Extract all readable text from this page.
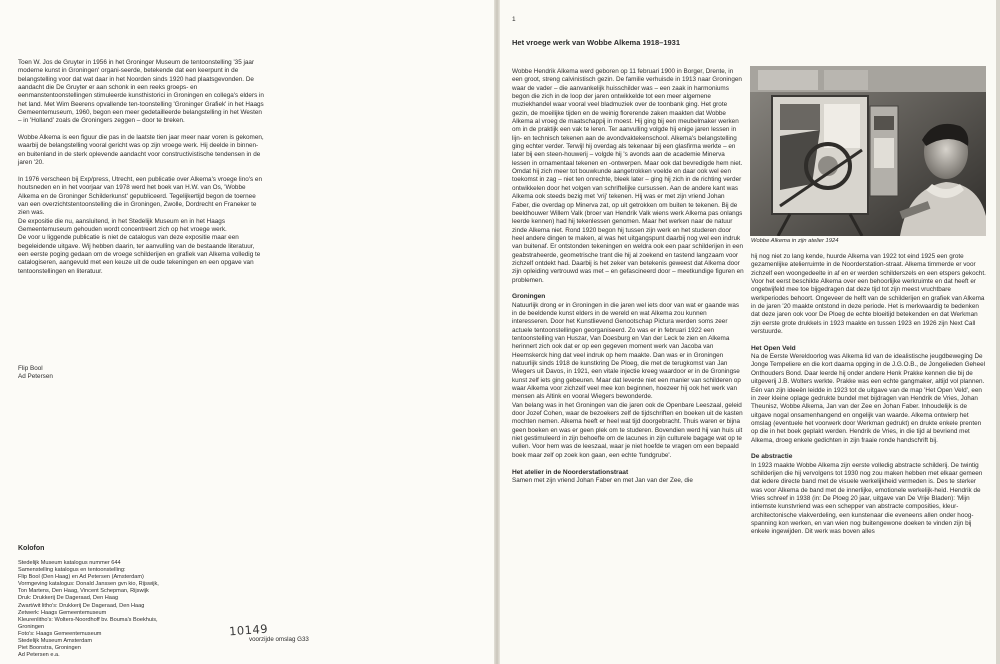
Toen W. Jos de Gruyter in 1956 in het Groninger Museum de tentoonstelling '35 jaar moderne kunst in Groningen' organi-seerde, betekende dat een keerpunt in de belangstelling voor dat wat daar in het Noorden sinds 1920 had plaatsgevonden. De aandacht die De Gruyter er aan schonk in een reeks groeps- en eenmanstentoonstellingen stimuleerde kunsthistorici in Groningen en collega's elders in het land. Met Wim Beerens opvallende ten-toonstelling 'Groninger Grafiek' in het Haags Gemeentemuseum, 1960, begon een meer gedetailleerde belangstelling in het Westen – in 'Holland' zoals de Groningers zeggen – door te breken.

Wobbe Alkema is een figuur die pas in de laatste tien jaar meer naar voren is gekomen, waarbij de belangstelling vooral gericht was op zijn vroege werk. Hij deelde in binnen- en buitenland in de sterk oplevende aandacht voor constructivistische tendensen in de jaren '20.

In 1976 verscheen bij Exp/press, Utrecht, een publicatie over Alkema's vroege lino's en houtsneden en in het voorjaar van 1978 werd het boek van H.W. van Os, 'Wobbe Alkema en de Groninger Schilderkunst' gepubliceerd. Tegelijkertijd begon de toernee van een overzichtstentoonstelling die in Groningen, Zwolle, Dordrecht en Franeker te zien was.

De expositie die nu, aansluitend, in het Stedelijk Museum en in het Haags Gemeentemuseum gehouden wordt concentreert zich op het vroege werk.

De voor u liggende publicatie is niet de catalogus van deze expositie maar een begeleidende uitgave. Wij hebben daarin, ter aanvulling van de bestaande literatuur, een eerste poging gedaan om de vroege schilderijen en grafiek van Alkema volledig te catalogiseren, aangevuld met een keuze uit de oude tekeningen en een opgave van tentoonstellingen en literatuur.

Flip Bool
Ad Petersen
Kolofon
Stedelijk Museum katalogus nummer 644
Samenstelling katalogus en tentoonstelling:
Flip Bool (Den Haag) en Ad Petersen (Amsterdam)
Vormgeving katalogus: Donald Janssen gvn kio, Rijswijk,
Ton Martens, Den Haag, Vincent Schepman, Rijswijk
Druk: Drukkerij De Dageraad, Den Haag
Zwart/wit litho's: Drukkerij De Dageraad, Den Haag
Zetwerk: Haags Gemeentemuseum
Kleurenlitho's: Wolters-Noordhoff bv. Bouma's Boekhuis,
Groningen
Foto's: Haags Gemeentemuseum
Stedelijk Museum Amsterdam
Piet Boonstra, Groningen
Ad Petersen e.a.
10149
voorzijde omslag G33
1
Het vroege werk van Wobbe Alkema 1918–1931

Wobbe Hendrik Alkema werd geboren op 11 februari 1900 in Borger, Drente, in een groot, streng calvinistisch gezin. De familie verhuisde in 1913 naar Groningen waar de vader – die aanvankelijk huisschilder was – een zaak in harmoniums begon die zich in de loop der jaren ontwikkelde tot een meer algemene muziekhandel waar vooral veel bladmuziek over de toonbank ging. Het grote gezin, de moeilijke tijden en de weinig florerende zaken maakten dat Wobbe Alkema al vroeg de maatschappij in moest. Hij ging bij een meubelmaker werken om in de praktijk een vak te leren. Ter aanvulling volgde hij enige jaren lessen in lijn- en technisch tekenen aan de avondvaktekenschool. Alkema's belangstelling ging echter verder. Terwijl hij overdag als tekenaar bij een glasfirma werkte – en later bij een steen-houwerij – volgde hij 's avonds aan de academie Minerva lessen in ornamentaal tekenen en -ontwerpen. Maar ook dat bevredigde hem niet. Omdat hij zich meer tot bouwkunde aangetrokken voelde en daar ook wel een toekomst in zag – niet ten onrechte, bleek later – ging hij zich in de richting verder ontwikkelen door het volgen van schriftelijke cursussen. Aan de andere kant was Alkema ook steeds bezig met 'vrij' tekenen. Hij was er met zijn vriend Johan Faber, die overdag op Minerva zat, op uit getrokken om buiten te tekenen. Bij de beeldhouwer Willem Valk (broer van Hendrik Valk wiens werk Alkema pas onlangs leerde kennen) had hij tekenlessen genomen. Maar het werken naar de natuur zinde Alkema niet. Rond 1920 begon hij tussen zijn werk en het studeren door heel andere dingen te maken, al was het uitgangspunt daarbij nog wel een indruk van buitenaf. Er ontstonden tekeningen en weldra ook een paar schilderijen in een geabstraheerde, geometrische trant die hij al zoekend en tastend langzaam voor zichzelf ontdekt had. Daarbij is het zeker van betekenis geweest dat Alkema door zijn opleiding vertrouwd was met – en gefascineerd door – meetkundige figuren en problemen.

Groningen

Natuurlijk drong er in Groningen in die jaren wel iets door van wat er gaande was in de beeldende kunst elders in de wereld en wat Alkema zou kunnen interesseren. Door het Kunstlievend Genootschap Pictura werden soms zeer actuele tentoonstellingen georganiseerd. Zo was er in februari 1922 een tentoonstelling van Huszar, Van Doesburg en Van der Leck te zien en Alkema herinnert zich ook dat er op een gegeven moment werk van Jacoba van Heemskerck hing dat veel indruk op hem maakte. Dan was er in Groningen natuurlijk sinds 1918 de kunstkring De Ploeg, die met de terugkomst van Jan Wiegers uit Davos, in 1921, een vitale injectie kreeg waardoor er in de Groningse kunst zelf iets ging gebeuren. Maar dat leverde niet een manier van schilderen op waar Alkema voor zichzelf veel mee kon beginnen, hoezeer hij ook het werk van mensen als Altink en vooral Wiegers bewonderde.

Van belang was in het Groningen van die jaren ook de Openbare Leeszaal, geleid door Jozef Cohen, waar de bezoekers zelf de tijdschriften en boeken uit de kasten mochten nemen. Alkema heeft er heel wat tijd doorgebracht. Thuis waren er bijna geen boeken en was er geen plek om te studeren. Bovendien werd hij van huis uit niet gestimuleerd in zijn behoefte om de lacunes in zijn culturele bagage wat op te vullen. Voor hem was de leeszaal, waar je niet hoefde te vragen om een bepaald boek maar zelf op zoek kon gaan, een echte 'fundgrube'.

Het atelier in de Noorderstationstraat

Samen met zijn vriend Johan Faber en met Jan van der Zee, die

Wobbe Alkema in zijn atelier 1924

hij nog niet zo lang kende, huurde Alkema van 1922 tot eind 1925 een grote gezamenlijke atelierruimte in de Noorderstation-straat. Alkema timmerde er voor zichzelf een woongedeelte in af en er werden schilderszels en een etspers gekocht. Voor het eerst beschikte Alkema over een behoorlijke werkruimte en dat heeft er ongetwijfeld mee toe bijgedragen dat deze tijd tot zijn meest vruchtbare werkperiodes behoort. Ongeveer de helft van de schilderijen en grafiek van Alkema in de jaren '20 maakte ontstond in deze periode. Het is merkwaardig te bedenken dat deze jaren ook voor De Ploeg de echte bloeitijd betekenden en dat Werkman zijn eerste grote drukkels in 1923 maakte en tussen 1923 en 1926 zijn Next Call verstuurde.

Het Open Veld

Na de Eerste Wereldoorlog was Alkema lid van de idealistische jeugdbeweging De Jonge Tempeliere en die kort daarna opging in de J.G.O.B., de Jongelieden Geheel Onthouders Bond. Daar leerde hij onder andere Henk Prakke kennen die bij de uitgeverij J.B. Wolters werkte. Prakke was een echte gangmaker, altijd vol plannen. Eén van zijn ideeën leidde in 1923 tot de uitgave van de map 'Het Open Veld', een in zeer kleine oplage gedrukte bundel met bijdragen van Hendrik de Vries, Johan Theunisz, Wobbe Alkema, Jan van der Zee en Johan Faber. Inhoudelijk is de uitgave nogal onsamenhangend en ongelijk van waarde. Alkema ontwierp het omslag (eventuele het voorwerk door Werkman gedrukt) en drukte enkele prenten op die in het boek geplakt werden. Hendrik de Vries, in die tijd al bevriend met Alkema, droeg enkele gedichten in zijn fraaie ronde handschrift bij.

De abstractie

In 1923 maakte Wobbe Alkema zijn eerste volledig abstracte schilderij. De twintig schilderijen die hij vervolgens tot 1930 nog zou maken hebben met elkaar gemeen dat iedere directe band met de visuele werkelijkheid vermeden is. Des te sterker was voor Alkema de band met de innerlijke, emotionele werkelijk-heid. Hendrik de Vries schreef in 1938 (in: De Ploeg 20 jaar, uitgave van De Vrije Bladen): 'Mijn intiemste kunstvriend was een schepper van abstracte composities, kleur-architectonische vlakverdeling, een kunstenaar die eveneens allen onder hoog-spanning kon werken, en van wien nog buitengewone doeken te vinden zijn bij enkele ingewijden. Dit werk was boven alles
